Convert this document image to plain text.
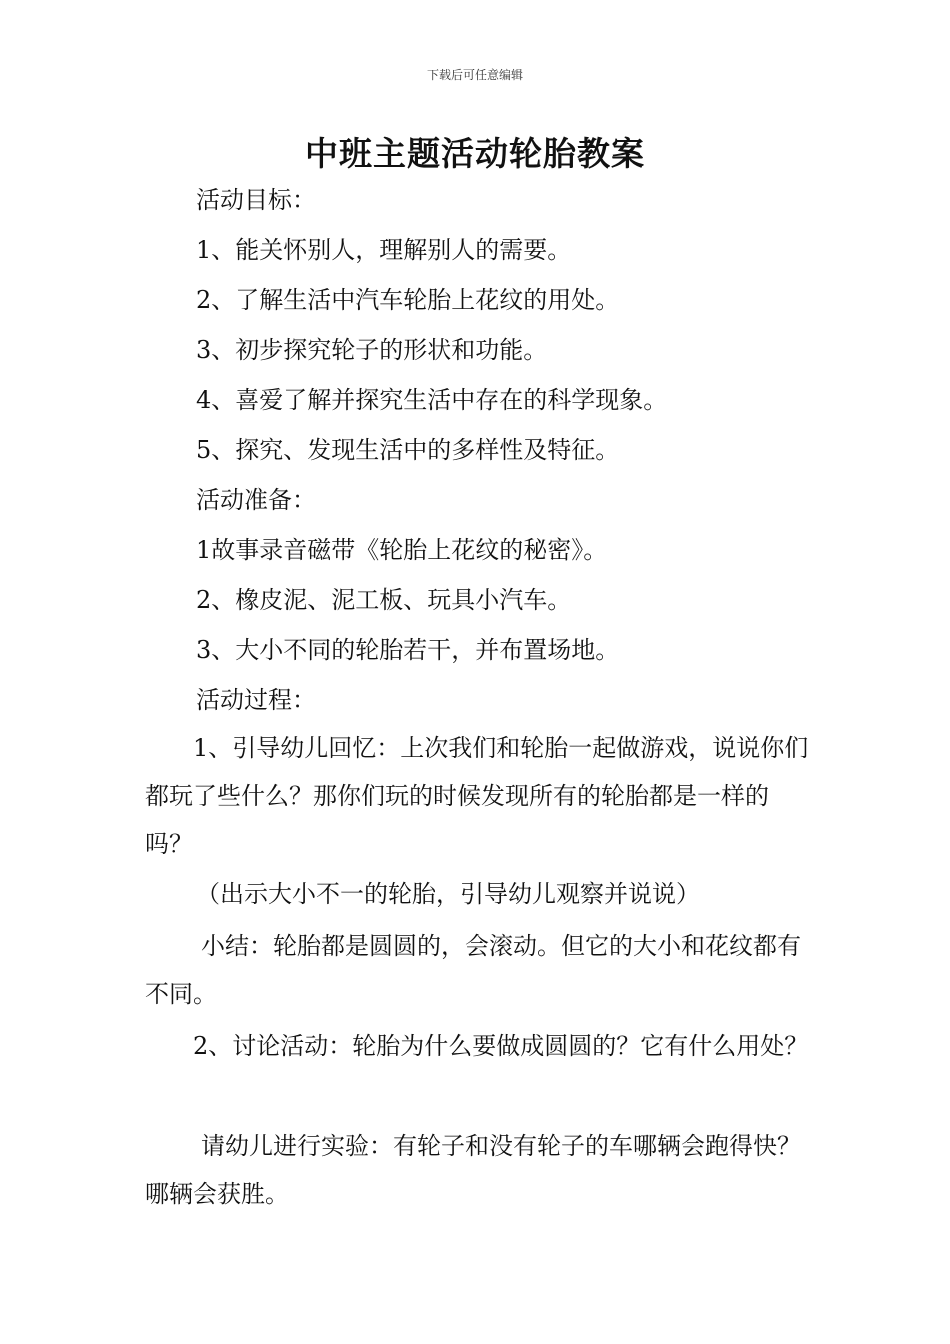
下载后可任意编辑
中班主题活动轮胎教案
活动目标：
1、能关怀别人，理解别人的需要。
2、了解生活中汽车轮胎上花纹的用处。
3、初步探究轮子的形状和功能。
4、喜爱了解并探究生活中存在的科学现象。
5、探究、发现生活中的多样性及特征。
活动准备：
1故事录音磁带《轮胎上花纹的秘密》。
2、橡皮泥、泥工板、玩具小汽车。
3、大小不同的轮胎若干，并布置场地。
活动过程：
1、引导幼儿回忆：上次我们和轮胎一起做游戏，说说你们都玩了些什么？那你们玩的时候发现所有的轮胎都是一样的吗？
（出示大小不一的轮胎，引导幼儿观察并说说）
小结：轮胎都是圆圆的，会滚动。但它的大小和花纹都有不同。
2、讨论活动：轮胎为什么要做成圆圆的？它有什么用处？
请幼儿进行实验：有轮子和没有轮子的车哪辆会跑得快？哪辆会获胜。
